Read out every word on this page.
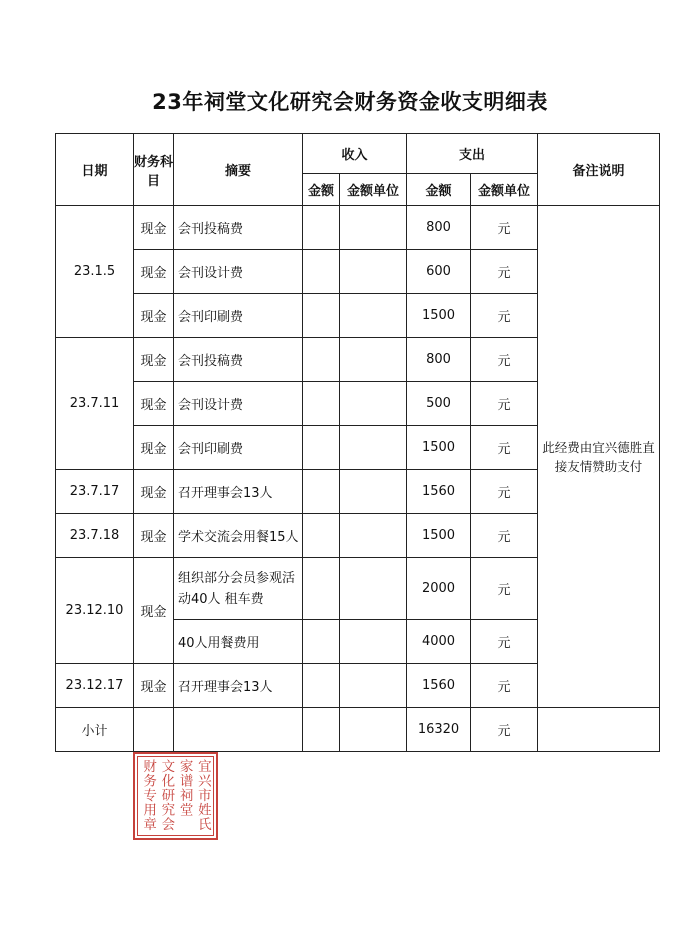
23年祠堂文化研究会财务资金收支明细表
日期	财务科目	摘要	收入		支出		备注说明
			金额	金额单位	金额	金额单位	
23.1.5	现金	会刊投稿费			800	元	此经费由宜兴德胜直接友情赞助支付
	现金	会刊设计费			600	元	
	现金	会刊印刷费			1500	元	
23.7.11	现金	会刊投稿费			800	元	
	现金	会刊设计费			500	元	
	现金	会刊印刷费			1500	元	
23.7.17	现金	召开理事会13人			1560	元	
23.7.18	现金	学术交流会用餐15人			1500	元	
23.12.10	现金	组织部分会员参观活动40人 租车费			2000	元	
		40人用餐费用			4000	元	
23.12.17	现金	召开理事会13人			1560	元	
小计					16320	元	
宜兴市姓氏
家谱祠堂
文化研究会
财务专用章
